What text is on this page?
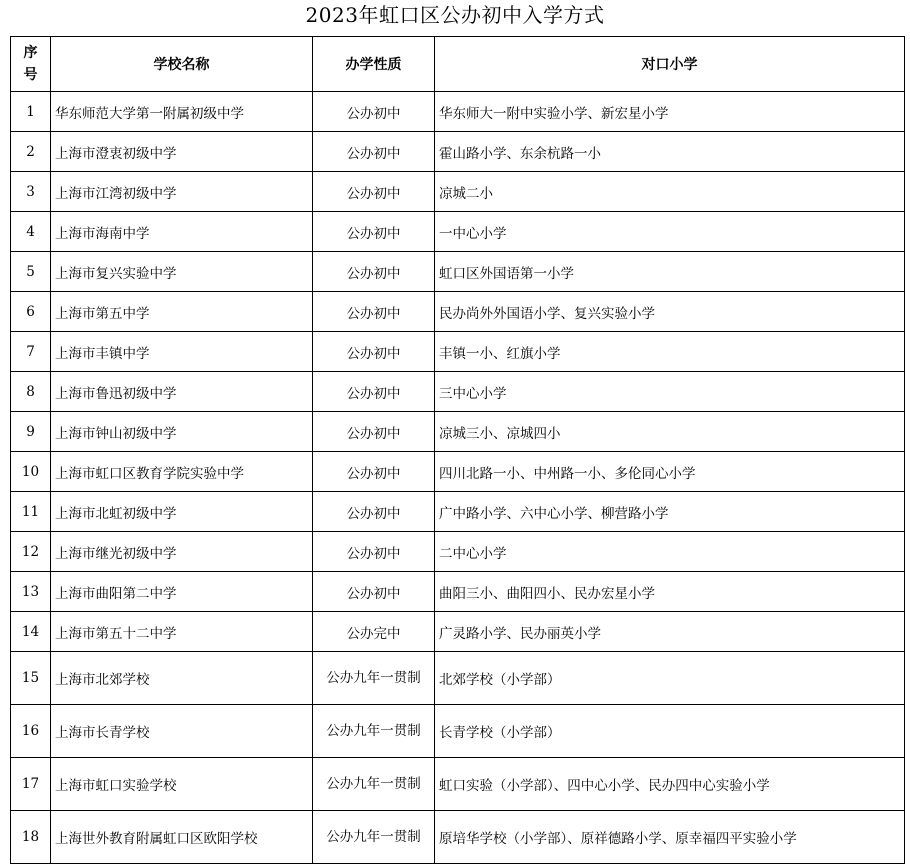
2023年虹口区公办初中入学方式
序
号	学校名称	办学性质	对口小学
1	华东师范大学第一附属初级中学	公办初中	华东师大一附中实验小学、新宏星小学
2	上海市澄衷初级中学	公办初中	霍山路小学、东余杭路一小
3	上海市江湾初级中学	公办初中	凉城二小
4	上海市海南中学	公办初中	一中心小学
5	上海市复兴实验中学	公办初中	虹口区外国语第一小学
6	上海市第五中学	公办初中	民办尚外外国语小学、复兴实验小学
7	上海市丰镇中学	公办初中	丰镇一小、红旗小学
8	上海市鲁迅初级中学	公办初中	三中心小学
9	上海市钟山初级中学	公办初中	凉城三小、凉城四小
10	上海市虹口区教育学院实验中学	公办初中	四川北路一小、中州路一小、多伦同心小学
11	上海市北虹初级中学	公办初中	广中路小学、六中心小学、柳营路小学
12	上海市继光初级中学	公办初中	二中心小学
13	上海市曲阳第二中学	公办初中	曲阳三小、曲阳四小、民办宏星小学
14	上海市第五十二中学	公办完中	广灵路小学、民办丽英小学
15	上海市北郊学校	公办九年一贯制	北郊学校（小学部）
16	上海市长青学校	公办九年一贯制	长青学校（小学部）
17	上海市虹口实验学校	公办九年一贯制	虹口实验（小学部）、四中心小学、民办四中心实验小学
18	上海世外教育附属虹口区欧阳学校	公办九年一贯制	原培华学校（小学部）、原祥德路小学、原幸福四平实验小学
